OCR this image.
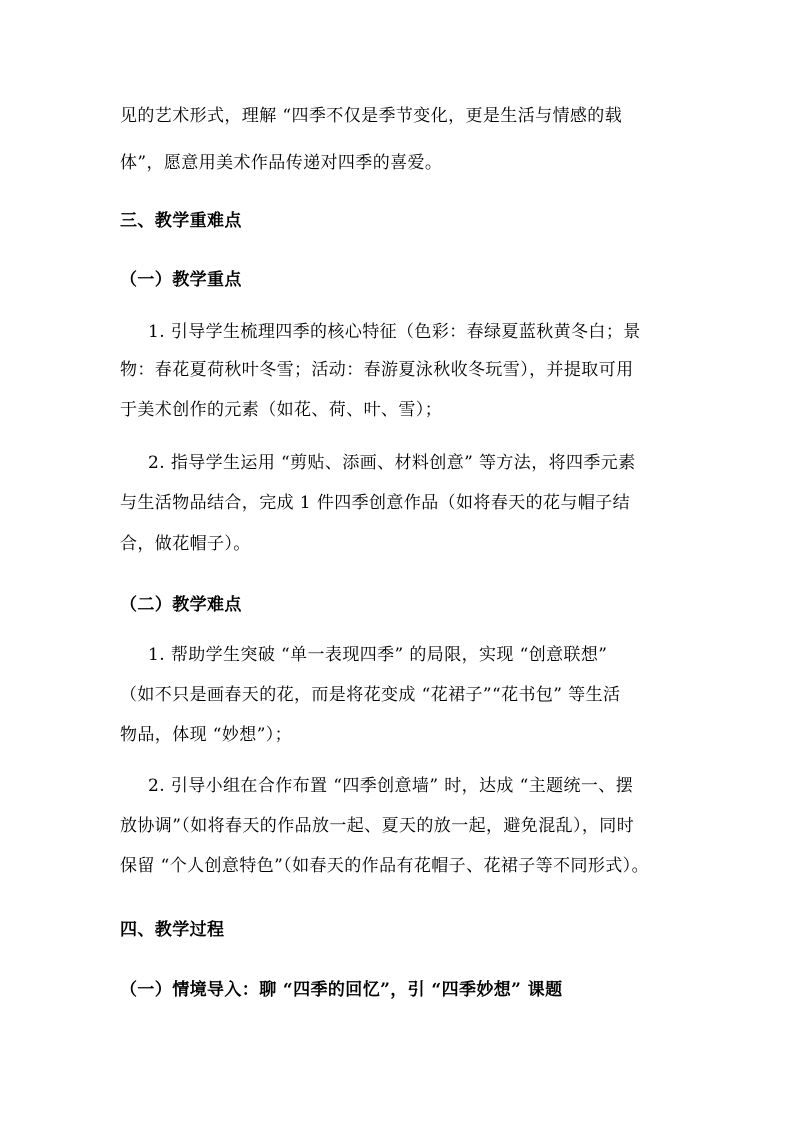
见的艺术形式，理解 “四季不仅是季节变化，更是生活与情感的载
体”，愿意用美术作品传递对四季的喜爱。
三、教学重难点
（一）教学重点
1. 引导学生梳理四季的核心特征（色彩：春绿夏蓝秋黄冬白；景
物：春花夏荷秋叶冬雪；活动：春游夏泳秋收冬玩雪），并提取可用
于美术创作的元素（如花、荷、叶、雪）；
2. 指导学生运用 “剪贴、添画、材料创意” 等方法，将四季元素
与生活物品结合，完成 1 件四季创意作品（如将春天的花与帽子结
合，做花帽子）。
（二）教学难点
1. 帮助学生突破 “单一表现四季” 的局限，实现 “创意联想”
（如不只是画春天的花，而是将花变成 “花裙子”“花书包” 等生活
物品，体现 “妙想”）；
2. 引导小组在合作布置 “四季创意墙” 时，达成 “主题统一、摆
放协调”（如将春天的作品放一起、夏天的放一起，避免混乱），同时
保留 “个人创意特色”（如春天的作品有花帽子、花裙子等不同形式）。
四、教学过程
（一）情境导入：聊 “四季的回忆”，引 “四季妙想” 课题
